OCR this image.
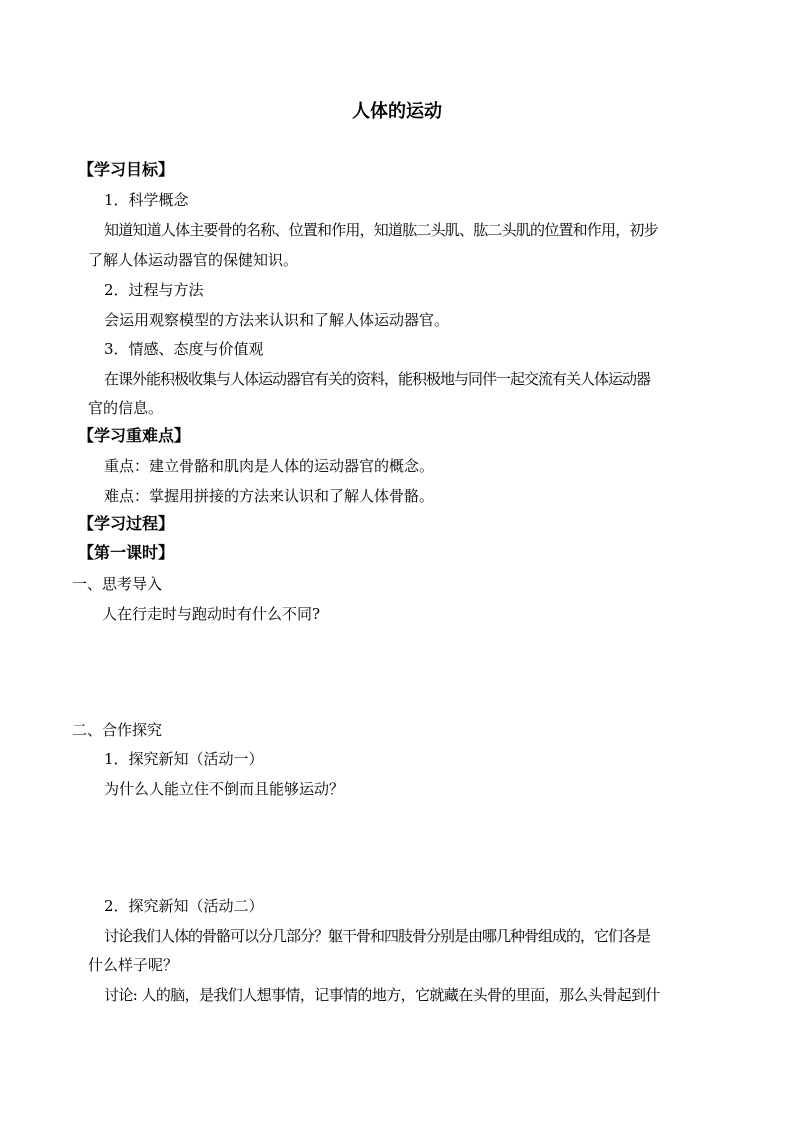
人体的运动
【学习目标】
1．科学概念
知道知道人体主要骨的名称、位置和作用，知道肱二头肌、肱二头肌的位置和作用，初步
了解人体运动器官的保健知识。
2．过程与方法
会运用观察模型的方法来认识和了解人体运动器官。
3．情感、态度与价值观
在课外能积极收集与人体运动器官有关的资料，能积极地与同伴一起交流有关人体运动器
官的信息。
【学习重难点】
重点：建立骨骼和肌肉是人体的运动器官的概念。
难点：掌握用拼接的方法来认识和了解人体骨骼。
【学习过程】
【第一课时】
一、思考导入
人在行走时与跑动时有什么不同?
二、合作探究
1．探究新知（活动一）
为什么人能立住不倒而且能够运动？
2．探究新知（活动二）
讨论我们人体的骨骼可以分几部分？躯干骨和四肢骨分别是由哪几种骨组成的，它们各是
什么样子呢？
讨论: 人的脑，是我们人想事情，记事情的地方，它就藏在头骨的里面，那么头骨起到什
